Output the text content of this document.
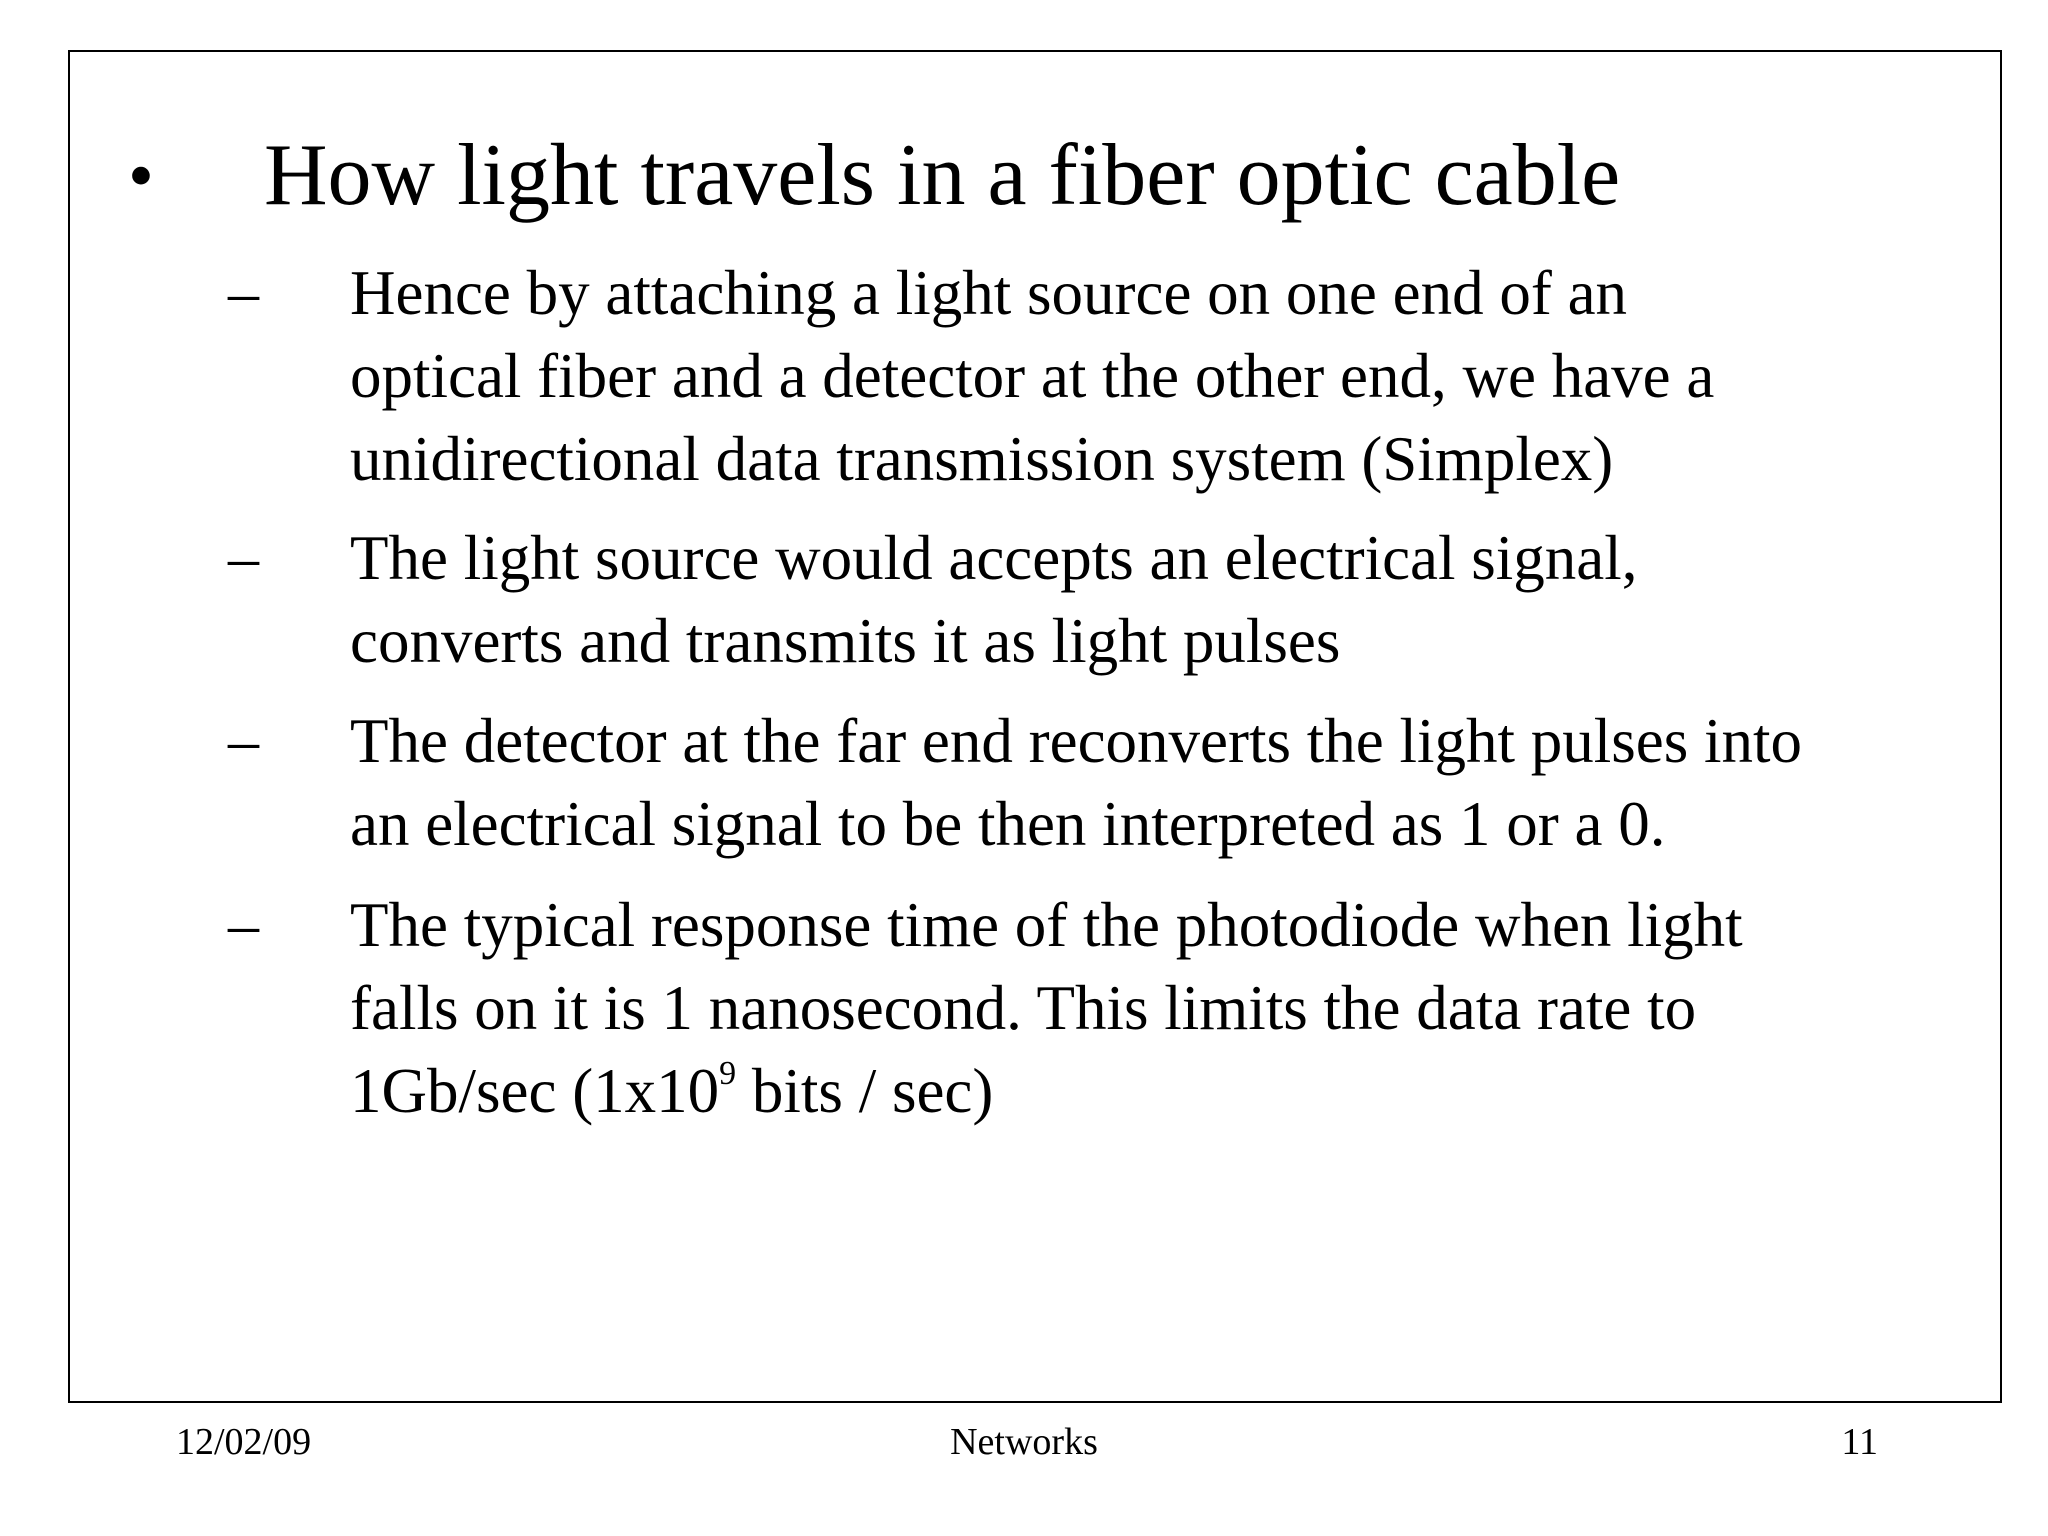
• How light travels in a fiber optic cable
– Hence by attaching a light source on one end of an
optical fiber and a detector at the other end, we have a
unidirectional data transmission system (Simplex)
– The light source would accepts an electrical signal,
converts and transmits it as light pulses
– The detector at the far end reconverts the light pulses into
an electrical signal to be then interpreted as 1 or a 0.
– The typical response time of the photodiode when light
falls on it is 1 nanosecond. This limits the data rate to
1Gb/sec ($1x10^9$ bits / sec)
12/02/09	Networks	11
